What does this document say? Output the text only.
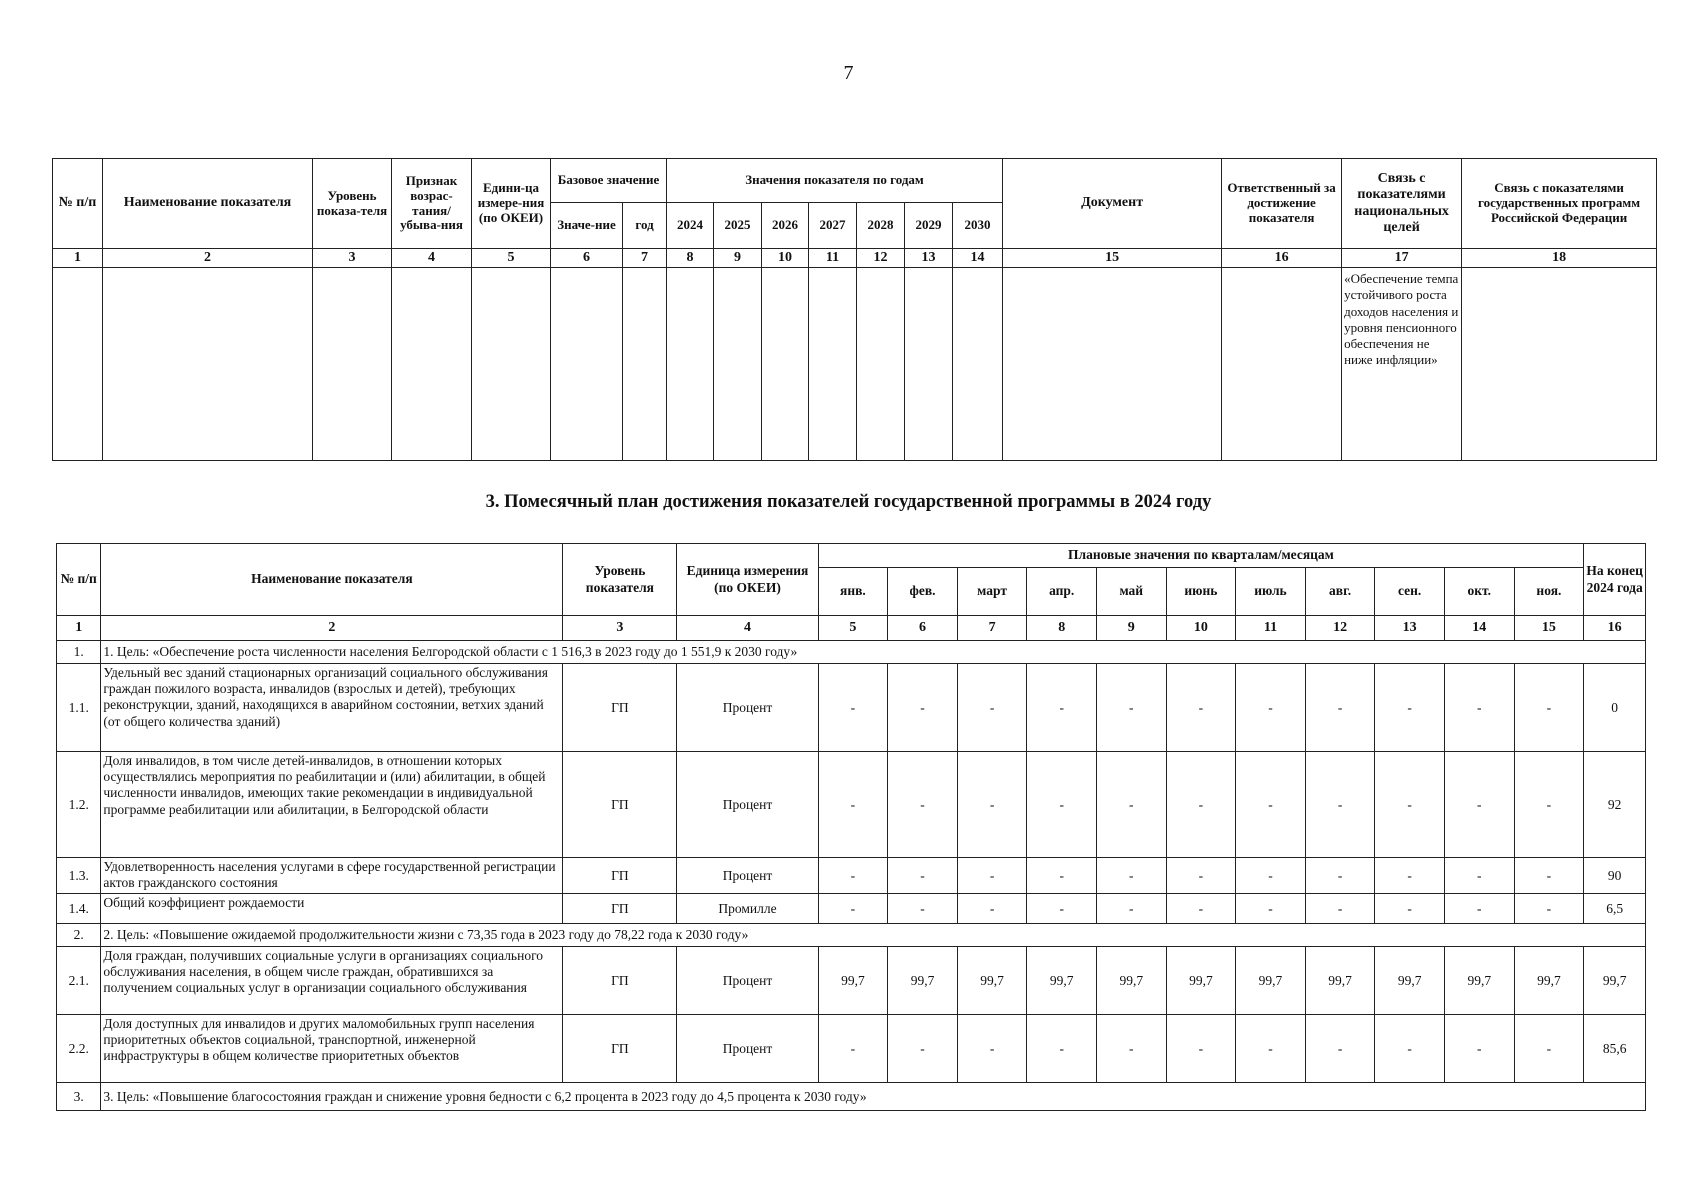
7
№ п/п	Наименование показателя	Уровень показа-теля	Признак возрас-тания/ убыва-ния	Едини-ца измере-ния (по ОКЕИ)	Базовое значение		Значения показателя по годам							Документ	Ответственный за достижение показателя	Связь с показателями национальных целей	Связь с показателями государственных программ Российской Федерации
					Значе-ние	год	2024	2025	2026	2027	2028	2029	2030				
1	2	3	4	5	6	7	8	9	10	11	12	13	14	15	16	17	18
																«Обеспечение темпа устойчивого роста доходов населения и уровня пенсионного обеспечения не ниже инфляции»	
3. Помесячный план достижения показателей государственной программы в 2024 году
№ п/п	Наименование показателя	Уровень показателя	Единица измерения (по ОКЕИ)	Плановые значения по кварталам/месяцам											На конец 2024 года
				янв.	фев.	март	апр.	май	июнь	июль	авг.	сен.	окт.	ноя.	
1	2	3	4	5	6	7	8	9	10	11	12	13	14	15	16
1.	1. Цель: «Обеспечение роста численности населения Белгородской области с 1 516,3 в 2023 году до 1 551,9 к 2030 году»														
1.1.	Удельный вес зданий стационарных организаций социального обслуживания граждан пожилого возраста, инвалидов (взрослых и детей), требующих реконструкции, зданий, находящихся в аварийном состоянии, ветхих зданий (от общего количества зданий)	ГП	Процент	-	-	-	-	-	-	-	-	-	-	-	0
1.2.	Доля инвалидов, в том числе детей-инвалидов, в отношении которых осуществлялись мероприятия по реабилитации и (или) абилитации, в общей численности инвалидов, имеющих такие рекомендации в индивидуальной программе реабилитации или абилитации, в Белгородской области	ГП	Процент	-	-	-	-	-	-	-	-	-	-	-	92
1.3.	Удовлетворенность населения услугами в сфере государственной регистрации актов гражданского состояния	ГП	Процент	-	-	-	-	-	-	-	-	-	-	-	90
1.4.	Общий коэффициент рождаемости	ГП	Промилле	-	-	-	-	-	-	-	-	-	-	-	6,5
2.	2. Цель: «Повышение ожидаемой продолжительности жизни с 73,35 года в 2023 году до 78,22 года к 2030 году»														
2.1.	Доля граждан, получивших социальные услуги в организациях социального обслуживания населения, в общем числе граждан, обратившихся за получением социальных услуг в организации социального обслуживания	ГП	Процент	99,7	99,7	99,7	99,7	99,7	99,7	99,7	99,7	99,7	99,7	99,7	99,7
2.2.	Доля доступных для инвалидов и других маломобильных групп населения приоритетных объектов социальной, транспортной, инженерной инфраструктуры в общем количестве приоритетных объектов	ГП	Процент	-	-	-	-	-	-	-	-	-	-	-	85,6
3.	3. Цель: «Повышение благосостояния граждан и снижение уровня бедности с 6,2 процента в 2023 году до 4,5 процента к 2030 году»														
